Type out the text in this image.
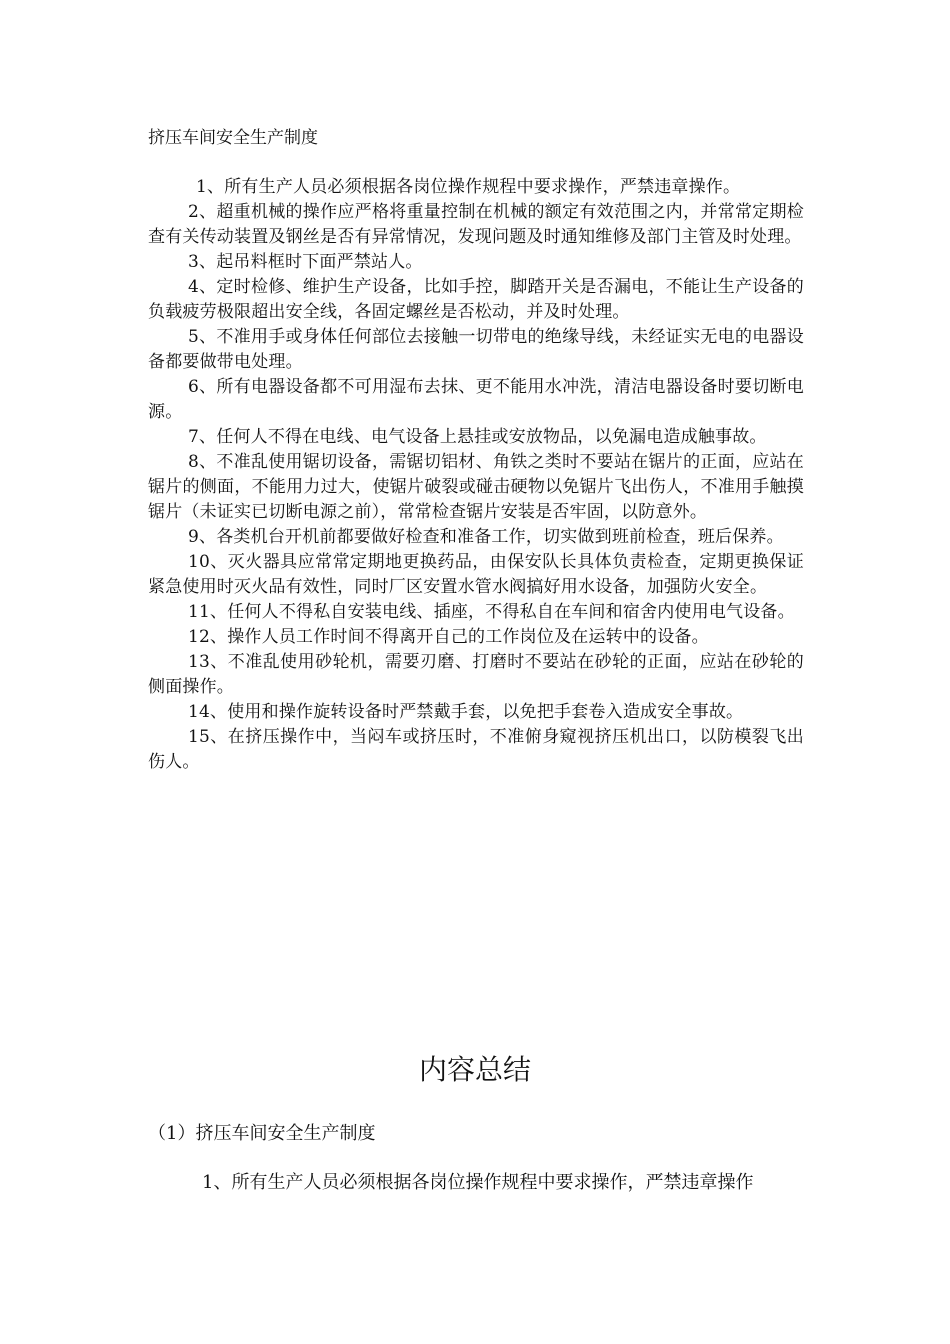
挤压车间安全生产制度

1、所有生产人员必须根据各岗位操作规程中要求操作，严禁违章操作。

2、超重机械的操作应严格将重量控制在机械的额定有效范围之内，并常常定期检查有关传动装置及钢丝是否有异常情况，发现问题及时通知维修及部门主管及时处理。

3、起吊料框时下面严禁站人。

4、定时检修、维护生产设备，比如手控，脚踏开关是否漏电，不能让生产设备的负载疲劳极限超出安全线，各固定螺丝是否松动，并及时处理。

5、不准用手或身体任何部位去接触一切带电的绝缘导线，未经证实无电的电器设备都要做带电处理。

6、所有电器设备都不可用湿布去抹、更不能用水冲洗，清洁电器设备时要切断电源。

7、任何人不得在电线、电气设备上悬挂或安放物品，以免漏电造成触事故。

8、不准乱使用锯切设备，需锯切铝材、角铁之类时不要站在锯片的正面，应站在锯片的侧面，不能用力过大，使锯片破裂或碰击硬物以免锯片飞出伤人，不准用手触摸锯片（未证实已切断电源之前），常常检查锯片安装是否牢固，以防意外。

9、各类机台开机前都要做好检查和准备工作，切实做到班前检查，班后保养。

10、灭火器具应常常定期地更换药品，由保安队长具体负责检查，定期更换保证紧急使用时灭火品有效性，同时厂区安置水管水阀搞好用水设备，加强防火安全。

11、任何人不得私自安装电线、插座，不得私自在车间和宿舍内使用电气设备。

12、操作人员工作时间不得离开自己的工作岗位及在运转中的设备。

13、不准乱使用砂轮机，需要刃磨、打磨时不要站在砂轮的正面，应站在砂轮的侧面操作。

14、使用和操作旋转设备时严禁戴手套，以免把手套卷入造成安全事故。

15、在挤压操作中，当闷车或挤压时，不准俯身窥视挤压机出口，以防模裂飞出伤人。

内容总结
（1）挤压车间安全生产制度

1、所有生产人员必须根据各岗位操作规程中要求操作，严禁违章操作
